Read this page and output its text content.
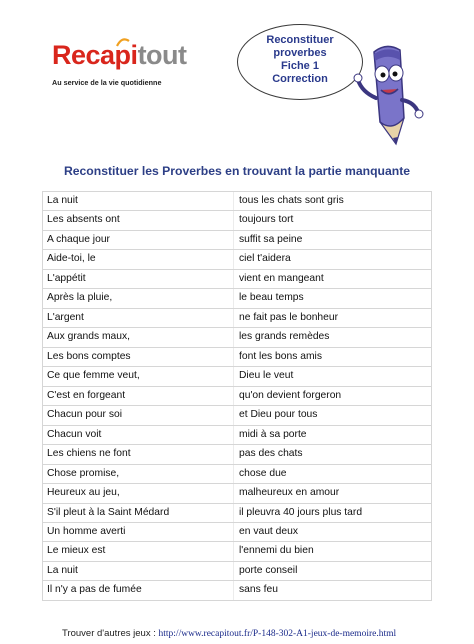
Recapitout
Au service de la vie quotidienne
Reconstituer
proverbes
Fiche 1
Correction
Reconstituer les Proverbes en trouvant la partie manquante
La nuit	tous les chats sont gris
Les absents ont	toujours tort
A chaque jour	suffit sa peine
Aide-toi, le	ciel t'aidera
L'appétit	vient en mangeant
Après la pluie,	le beau temps
L'argent	ne fait pas le bonheur
Aux grands maux,	les grands remèdes
Les bons comptes	font les bons amis
Ce que femme veut,	Dieu le veut
C'est en forgeant	qu'on devient forgeron
Chacun pour soi	et Dieu pour tous
Chacun voit	midi à sa porte
Les chiens ne font	pas des chats
Chose promise,	chose due
Heureux au jeu,	malheureux en amour
S'il pleut à la Saint Médard	il pleuvra 40 jours plus tard
Un homme averti	en vaut deux
Le mieux est	l'ennemi du bien
La nuit	porte conseil
Il n'y a pas de fumée	sans feu
Trouver d'autres jeux : http://www.recapitout.fr/P-148-302-A1-jeux-de-memoire.html
